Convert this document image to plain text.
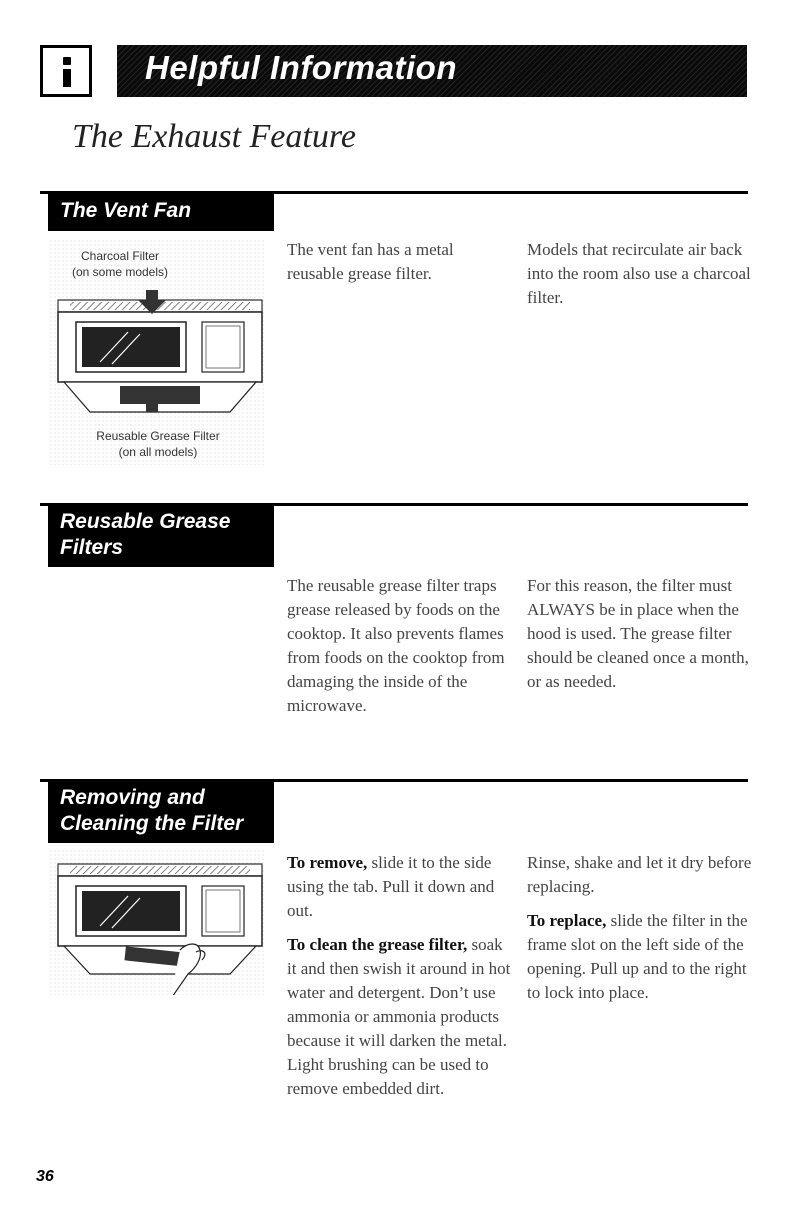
Helpful Information
The Exhaust Feature
The Vent Fan
Charcoal Filter
(on some models)
Reusable Grease Filter
(on all models)

The vent fan has a metal reusable grease filter.

Models that recirculate air back into the room also use a charcoal filter.

Reusable Grease
Filters

The reusable grease filter traps grease released by foods on the cooktop. It also prevents flames from foods on the cooktop from damaging the inside of the microwave.

For this reason, the filter must ALWAYS be in place when the hood is used. The grease filter should be cleaned once a month, or as needed.

Removing and
Cleaning the Filter

To remove, slide it to the side using the tab. Pull it down and out.

To clean the grease filter, soak it and then swish it around in hot water and detergent. Don’t use ammonia or ammonia products because it will darken the metal. Light brushing can be used to remove embedded dirt.

Rinse, shake and let it dry before replacing.

To replace, slide the filter in the frame slot on the left side of the opening. Pull up and to the right to lock into place.

36
